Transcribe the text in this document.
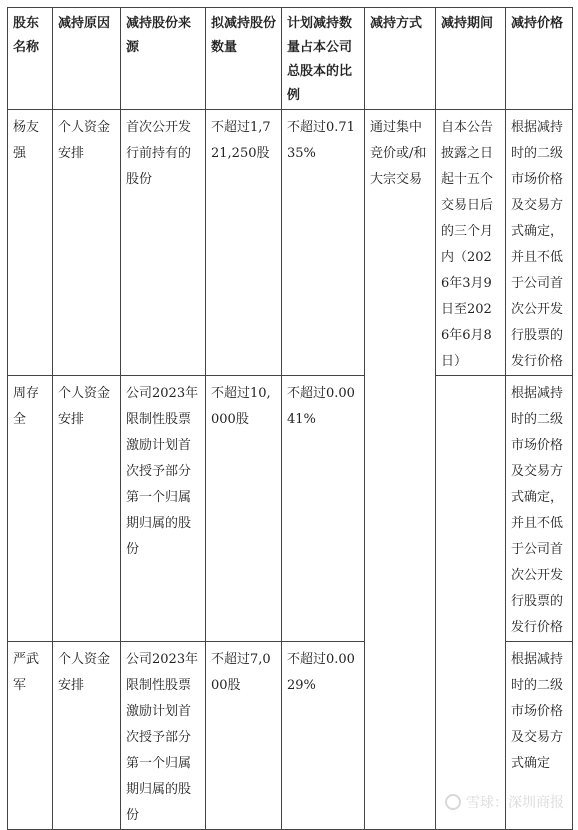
股东名称	减持原因	减持股份来源	拟减持股份数量	计划减持数量占本公司总股本的比例	减持方式	减持期间	减持价格
杨友强	个人资金安排	首次公开发行前持有的股份	不超过1,721,250股	不超过0.7135%	通过集中竞价或/和大宗交易	自本公告披露之日起十五个交易日后的三个月内（2026年3月9日至2026年6月8日）	根据减持时的二级市场价格及交易方式确定，并且不低于公司首次公开发行股票的发行价格
周存全	个人资金安排	公司2023年限制性股票激励计划首次授予部分第一个归属期归属的股份	不超过10,000股	不超过0.0041%			根据减持时的二级市场价格及交易方式确定，并且不低于公司首次公开发行股票的发行价格
严武军	个人资金安排	公司2023年限制性股票激励计划首次授予部分第一个归属期归属的股份	不超过7,000股	不超过0.0029%			根据减持时的二级市场价格及交易方式确定
雪球：深圳商报
